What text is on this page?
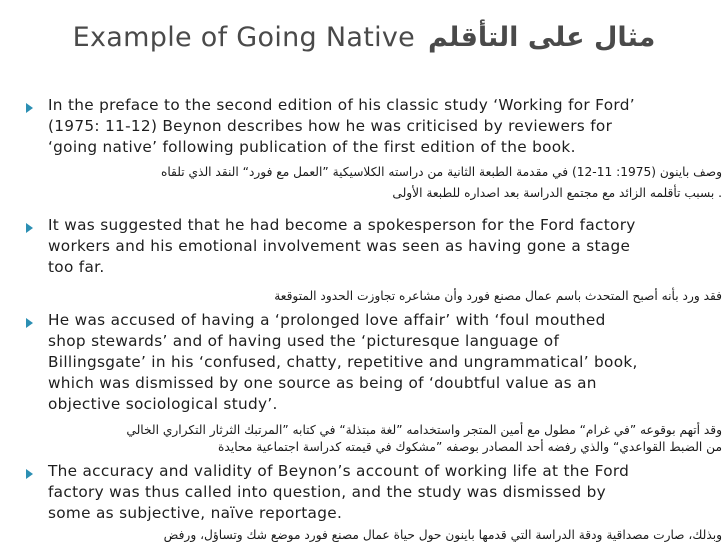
Example of Going Native مثال على التأقلم
In the preface to the second edition of his classic study ‘Working for Ford’
(1975: 11-12) Beynon describes how he was criticised by reviewers for
‘going native’ following publication of the first edition of the book.
وصف باينون (1975: 11-12) في مقدمة الطبعة الثانية من دراسته الكلاسيكية ”العمل مع فورد“ النقد الذي تلقاه
. بسبب تأقلمه الزائد مع مجتمع الدراسة بعد اصداره للطبعة الأولى
It was suggested that he had become a spokesperson for the Ford factory
workers and his emotional involvement was seen as having gone a stage
too far.
فقد ورد بأنه أصبح المتحدث باسم عمال مصنع فورد وأن مشاعره تجاوزت الحدود المتوقعة
He was accused of having a ‘prolonged love affair’ with ‘foul mouthed
shop stewards’ and of having used the ‘picturesque language of
Billingsgate’ in his ‘confused, chatty, repetitive and ungrammatical’ book,
which was dismissed by one source as being of ‘doubtful value as an
objective sociological study’.
وقد أتهم بوقوعه ”في غرام“ مطول مع أمين المتجر واستخدامه ”لغة مبتذلة“ في كتابه ”المرتبك الثرثار التكراري الخالي
من الضبط القواعدي“ والذي رفضه أحد المصادر بوصفه ”مشكوك في قيمته كدراسة اجتماعية محايدة
The accuracy and validity of Beynon’s account of working life at the Ford
factory was thus called into question, and the study was dismissed by
some as subjective, naïve reportage.
وبذلك، صارت مصداقية ودقة الدراسة التي قدمها باينون حول حياة عمال مصنع فورد موضع شك وتساؤل، ورفض
